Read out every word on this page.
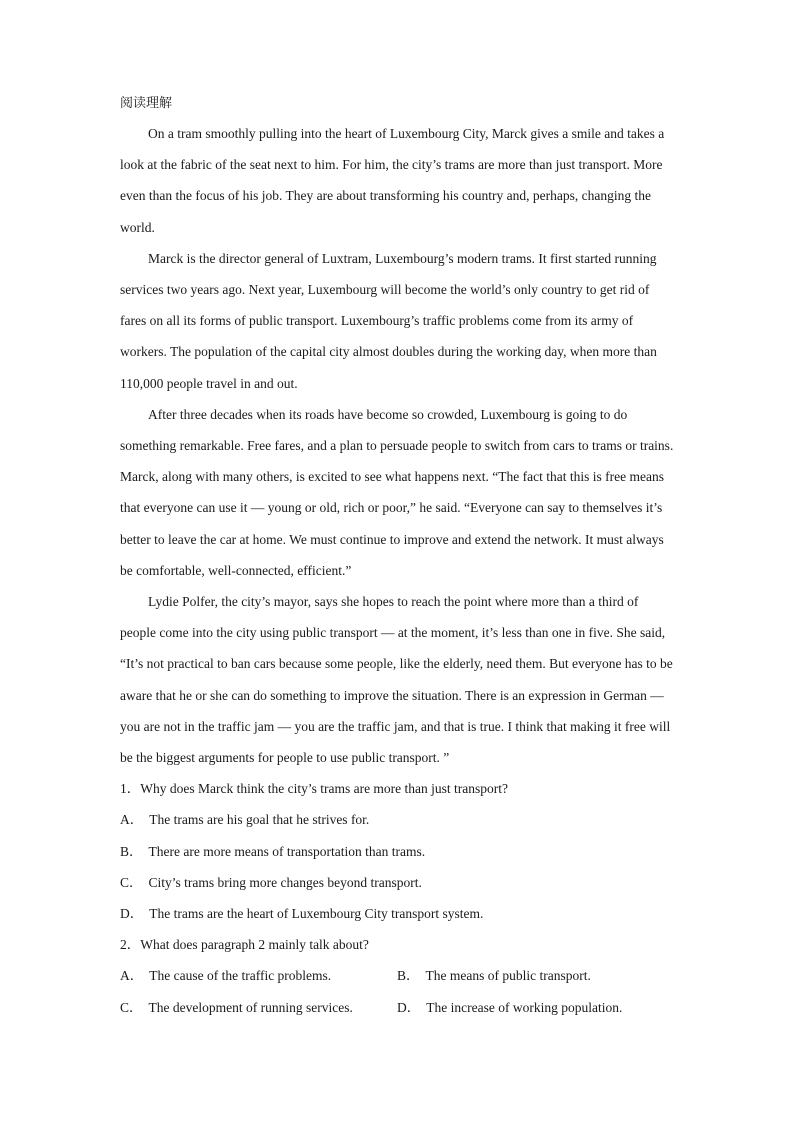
阅读理解

On a tram smoothly pulling into the heart of Luxembourg City, Marck gives a smile and takes a look at the fabric of the seat next to him. For him, the city’s trams are more than just transport. More even than the focus of his job. They are about transforming his country and, perhaps, changing the world.

Marck is the director general of Luxtram, Luxembourg’s modern trams. It first started running services two years ago. Next year, Luxembourg will become the world’s only country to get rid of fares on all its forms of public transport. Luxembourg’s traffic problems come from its army of workers. The population of the capital city almost doubles during the working day, when more than 110,000 people travel in and out.

After three decades when its roads have become so crowded, Luxembourg is going to do something remarkable. Free fares, and a plan to persuade people to switch from cars to trams or trains. Marck, along with many others, is excited to see what happens next. “The fact that this is free means that everyone can use it — young or old, rich or poor,” he said. “Everyone can say to themselves it’s better to leave the car at home. We must continue to improve and extend the network. It must always be comfortable, well-connected, efficient.”

Lydie Polfer, the city’s mayor, says she hopes to reach the point where more than a third of people come into the city using public transport — at the moment, it’s less than one in five. She said, “It’s not practical to ban cars because some people, like the elderly, need them. But everyone has to be aware that he or she can do something to improve the situation. There is an expression in German — you are not in the traffic jam — you are the traffic jam, and that is true. I think that making it free will be the biggest arguments for people to use public transport. ”

1．Why does Marck think the city’s trams are more than just transport?
A． The trams are his goal that he strives for.
B． There are more means of transportation than trams.
C． City’s trams bring more changes beyond transport.
D． The trams are the heart of Luxembourg City transport system.
2．What does paragraph 2 mainly talk about?
A． The cause of the traffic problems.	B． The means of public transport.
C． The development of running services.	D． The increase of working population.
